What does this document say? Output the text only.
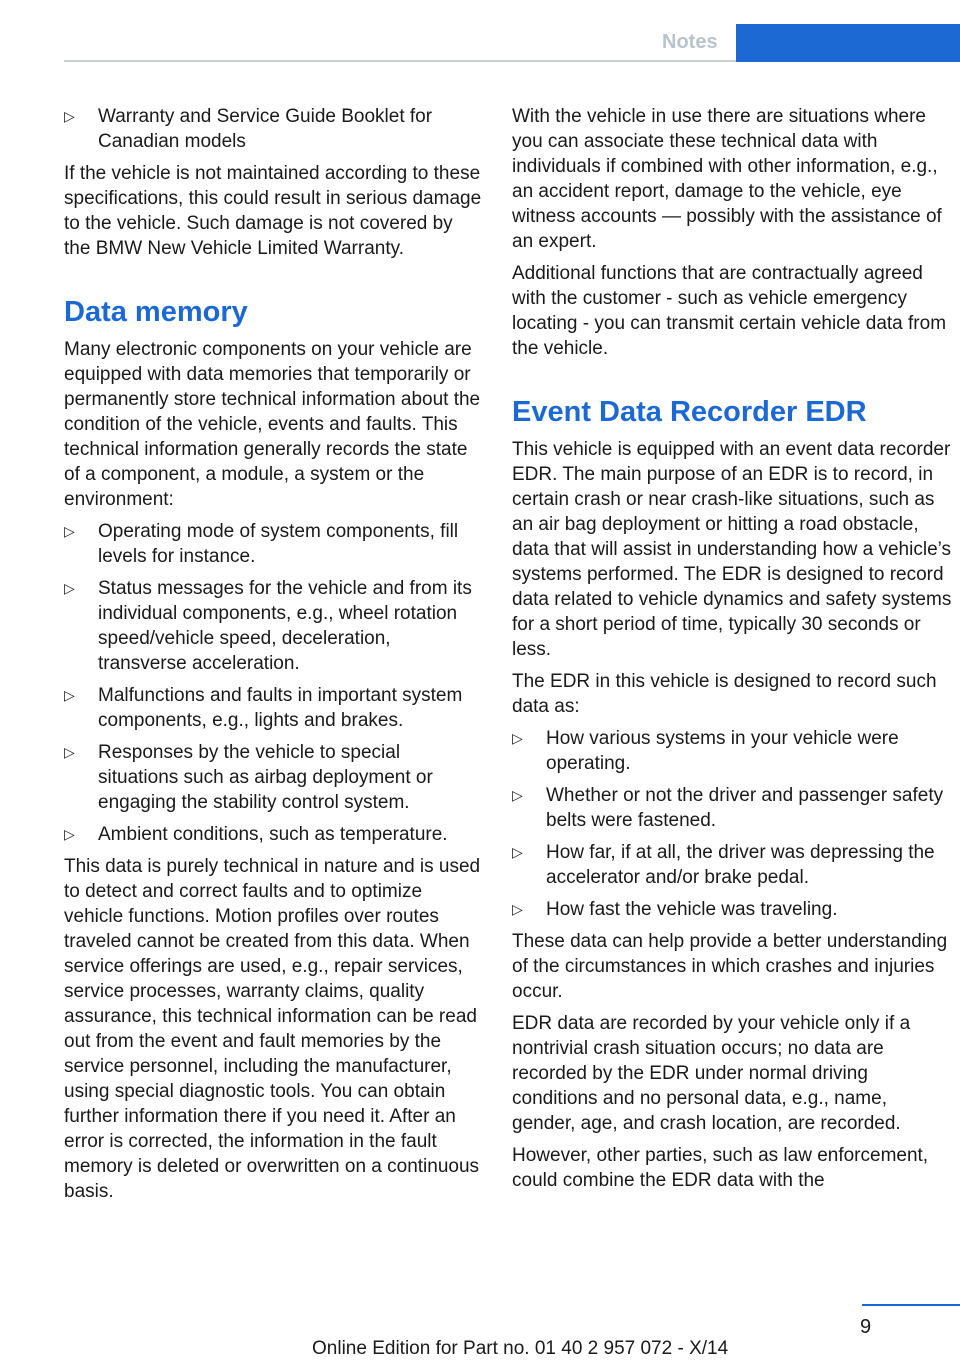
Notes
▷ Warranty and Service Guide Booklet for Canadian models

If the vehicle is not maintained according to these specifications, this could result in serious damage to the vehicle. Such damage is not covered by the BMW New Vehicle Limited Warranty.

Data memory

Many electronic components on your vehicle are equipped with data memories that temporarily or permanently store technical information about the condition of the vehicle, events and faults. This technical information generally records the state of a component, a module, a system or the environment:

▷ Operating mode of system components, fill levels for instance.
▷ Status messages for the vehicle and from its individual components, e.g., wheel rotation speed/vehicle speed, deceleration, transverse acceleration.
▷ Malfunctions and faults in important system components, e.g., lights and brakes.
▷ Responses by the vehicle to special situations such as airbag deployment or engaging the stability control system.
▷ Ambient conditions, such as temperature.

This data is purely technical in nature and is used to detect and correct faults and to optimize vehicle functions. Motion profiles over routes traveled cannot be created from this data. When service offerings are used, e.g., repair services, service processes, warranty claims, quality assurance, this technical information can be read out from the event and fault memories by the service personnel, including the manufacturer, using special diagnostic tools. You can obtain further information there if you need it. After an error is corrected, the information in the fault memory is deleted or overwritten on a continuous basis.

With the vehicle in use there are situations where you can associate these technical data with individuals if combined with other information, e.g., an accident report, damage to the vehicle, eye witness accounts — possibly with the assistance of an expert.

Additional functions that are contractually agreed with the customer - such as vehicle emergency locating - you can transmit certain vehicle data from the vehicle.

Event Data Recorder EDR

This vehicle is equipped with an event data recorder EDR. The main purpose of an EDR is to record, in certain crash or near crash-like situations, such as an air bag deployment or hitting a road obstacle, data that will assist in understanding how a vehicle’s systems performed. The EDR is designed to record data related to vehicle dynamics and safety systems for a short period of time, typically 30 seconds or less.

The EDR in this vehicle is designed to record such data as:

▷ How various systems in your vehicle were operating.
▷ Whether or not the driver and passenger safety belts were fastened.
▷ How far, if at all, the driver was depressing the accelerator and/or brake pedal.
▷ How fast the vehicle was traveling.

These data can help provide a better understanding of the circumstances in which crashes and injuries occur.

EDR data are recorded by your vehicle only if a nontrivial crash situation occurs; no data are recorded by the EDR under normal driving conditions and no personal data, e.g., name, gender, age, and crash location, are recorded.

However, other parties, such as law enforcement, could combine the EDR data with the

9
Online Edition for Part no. 01 40 2 957 072 - X/14
